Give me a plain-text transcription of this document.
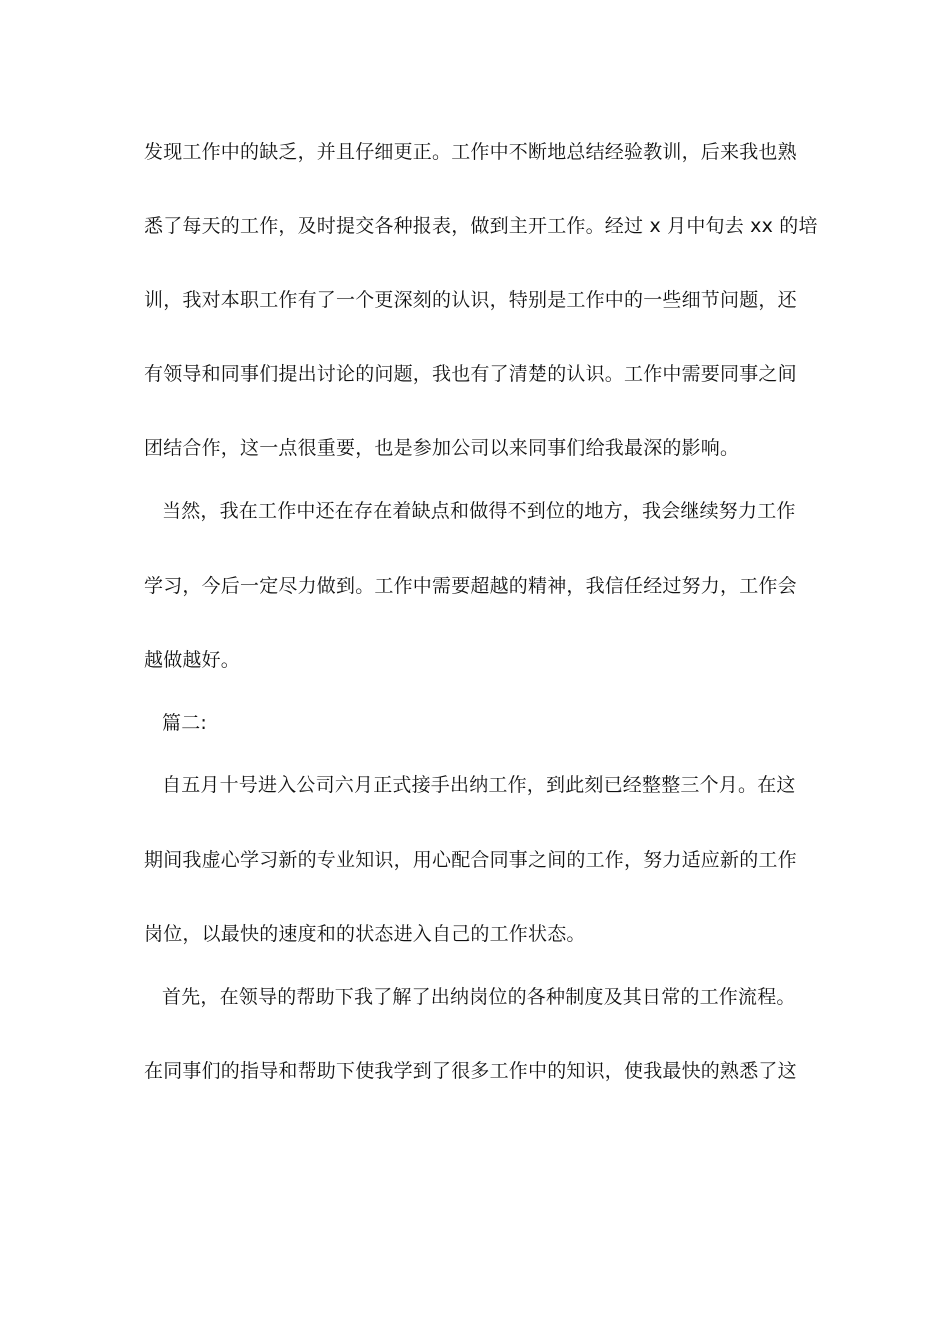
发现工作中的缺乏，并且仔细更正。工作中不断地总结经验教训，后来我也熟
悉了每天的工作，及时提交各种报表，做到主开工作。经过 x 月中旬去 xx 的培
训，我对本职工作有了一个更深刻的认识，特别是工作中的一些细节问题，还
有领导和同事们提出讨论的问题，我也有了清楚的认识。工作中需要同事之间
团结合作，这一点很重要，也是参加公司以来同事们给我最深的影响。
当然，我在工作中还在存在着缺点和做得不到位的地方，我会继续努力工作
学习，今后一定尽力做到。工作中需要超越的精神，我信任经过努力，工作会
越做越好。
篇二:
自五月十号进入公司六月正式接手出纳工作，到此刻已经整整三个月。在这
期间我虚心学习新的专业知识，用心配合同事之间的工作，努力适应新的工作
岗位，以最快的速度和的状态进入自己的工作状态。
首先，在领导的帮助下我了解了出纳岗位的各种制度及其日常的工作流程。
在同事们的指导和帮助下使我学到了很多工作中的知识，使我最快的熟悉了这
